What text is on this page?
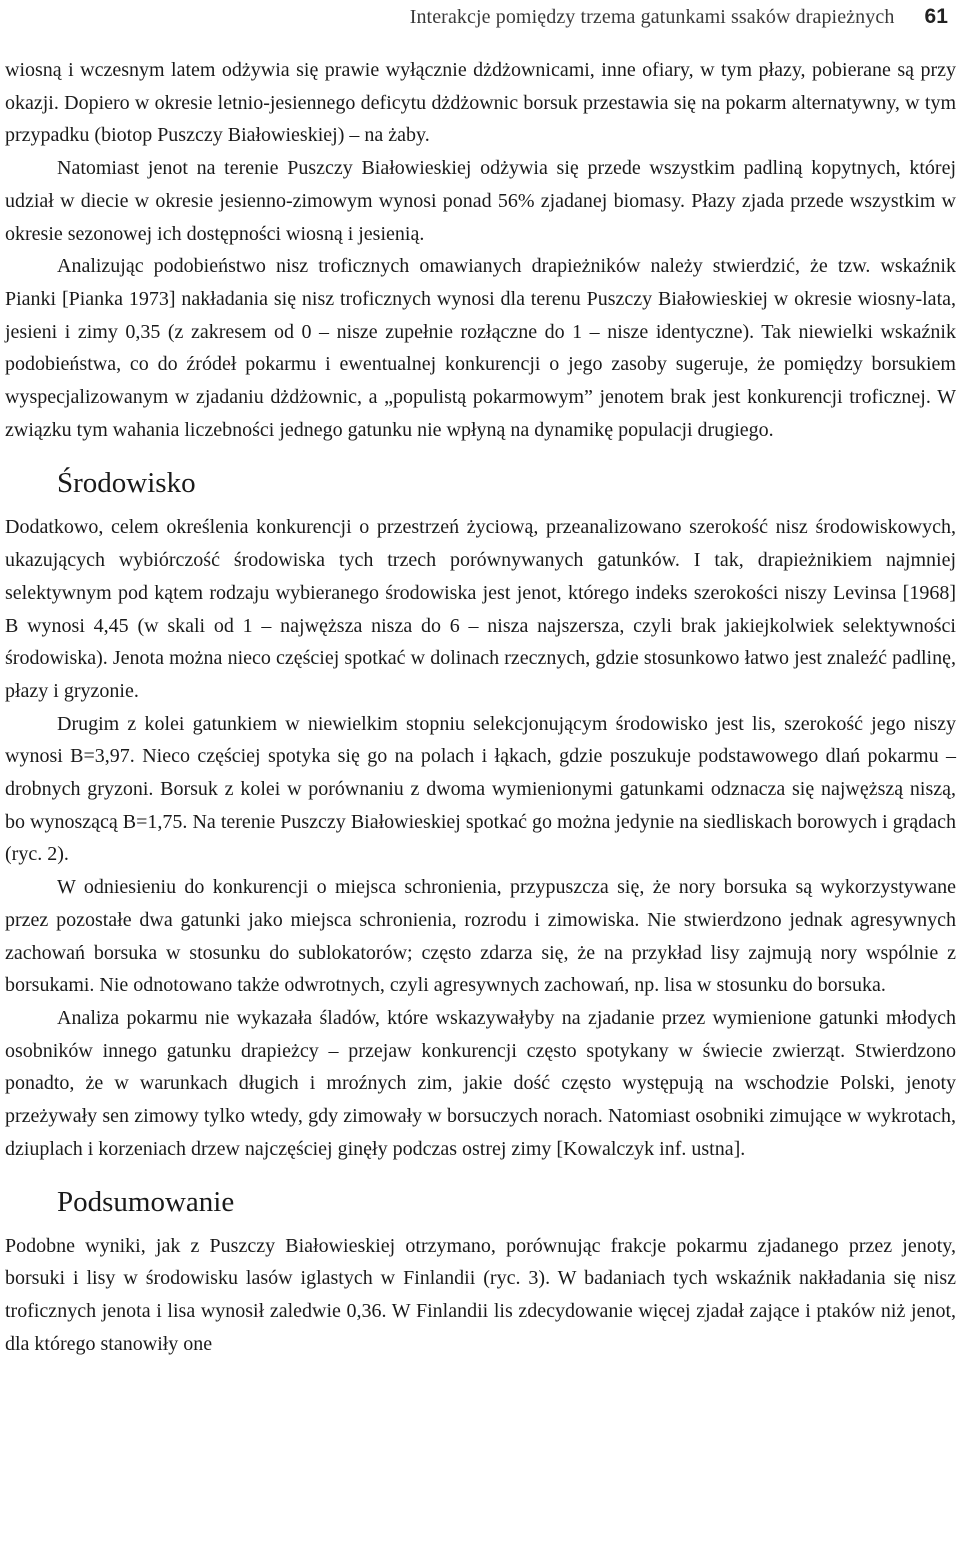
Interakcje pomiędzy trzema gatunkami ssaków drapieżnych 61

wiosną i wczesnym latem odżywia się prawie wyłącznie dżdżownicami, inne ofiary, w tym płazy, pobierane są przy okazji. Dopiero w okresie letnio-jesiennego deficytu dżdżownic borsuk przestawia się na pokarm alternatywny, w tym przypadku (biotop Puszczy Białowieskiej) – na żaby.

Natomiast jenot na terenie Puszczy Białowieskiej odżywia się przede wszystkim padliną kopytnych, której udział w diecie w okresie jesienno-zimowym wynosi ponad 56% zjadanej biomasy. Płazy zjada przede wszystkim w okresie sezonowej ich dostępności wiosną i jesienią.

Analizując podobieństwo nisz troficznych omawianych drapieżników należy stwierdzić, że tzw. wskaźnik Pianki [Pianka 1973] nakładania się nisz troficznych wynosi dla terenu Puszczy Białowieskiej w okresie wiosny-lata, jesieni i zimy 0,35 (z zakresem od 0 – nisze zupełnie rozłączne do 1 – nisze identyczne). Tak niewielki wskaźnik podobieństwa, co do źródeł pokarmu i ewentualnej konkurencji o jego zasoby sugeruje, że pomiędzy borsukiem wyspecjalizowanym w zjadaniu dżdżownic, a „populistą pokarmowym” jenotem brak jest konkurencji troficznej. W związku tym wahania liczebności jednego gatunku nie wpłyną na dynamikę populacji drugiego.

Środowisko

Dodatkowo, celem określenia konkurencji o przestrzeń życiową, przeanalizowano szerokość nisz środowiskowych, ukazujących wybiórczość środowiska tych trzech porównywanych gatunków. I tak, drapieżnikiem najmniej selektywnym pod kątem rodzaju wybieranego środowiska jest jenot, którego indeks szerokości niszy Levinsa [1968] B wynosi 4,45 (w skali od 1 – najwęższa nisza do 6 – nisza najszersza, czyli brak jakiejkolwiek selektywności środowiska). Jenota można nieco częściej spotkać w dolinach rzecznych, gdzie stosunkowo łatwo jest znaleźć padlinę, płazy i gryzonie.

Drugim z kolei gatunkiem w niewielkim stopniu selekcjonującym środowisko jest lis, szerokość jego niszy wynosi B=3,97. Nieco częściej spotyka się go na polach i łąkach, gdzie poszukuje podstawowego dlań pokarmu – drobnych gryzoni. Borsuk z kolei w porównaniu z dwoma wymienionymi gatunkami odznacza się najwęższą niszą, bo wynoszącą B=1,75. Na terenie Puszczy Białowieskiej spotkać go można jedynie na siedliskach borowych i grądach (ryc. 2).

W odniesieniu do konkurencji o miejsca schronienia, przypuszcza się, że nory borsuka są wykorzystywane przez pozostałe dwa gatunki jako miejsca schronienia, rozrodu i zimowiska. Nie stwierdzono jednak agresywnych zachowań borsuka w stosunku do sublokatorów; często zdarza się, że na przykład lisy zajmują nory wspólnie z borsukami. Nie odnotowano także odwrotnych, czyli agresywnych zachowań, np. lisa w stosunku do borsuka.

Analiza pokarmu nie wykazała śladów, które wskazywałyby na zjadanie przez wymienione gatunki młodych osobników innego gatunku drapieżcy – przejaw konkurencji często spotykany w świecie zwierząt. Stwierdzono ponadto, że w warunkach długich i mroźnych zim, jakie dość często występują na wschodzie Polski, jenoty przeżywały sen zimowy tylko wtedy, gdy zimowały w borsuczych norach. Natomiast osobniki zimujące w wykrotach, dziuplach i korzeniach drzew najczęściej ginęły podczas ostrej zimy [Kowalczyk inf. ustna].

Podsumowanie

Podobne wyniki, jak z Puszczy Białowieskiej otrzymano, porównując frakcje pokarmu zjadanego przez jenoty, borsuki i lisy w środowisku lasów iglastych w Finlandii (ryc. 3). W badaniach tych wskaźnik nakładania się nisz troficznych jenota i lisa wynosił zaledwie 0,36. W Finlandii lis zdecydowanie więcej zjadał zające i ptaków niż jenot, dla którego stanowiły one
